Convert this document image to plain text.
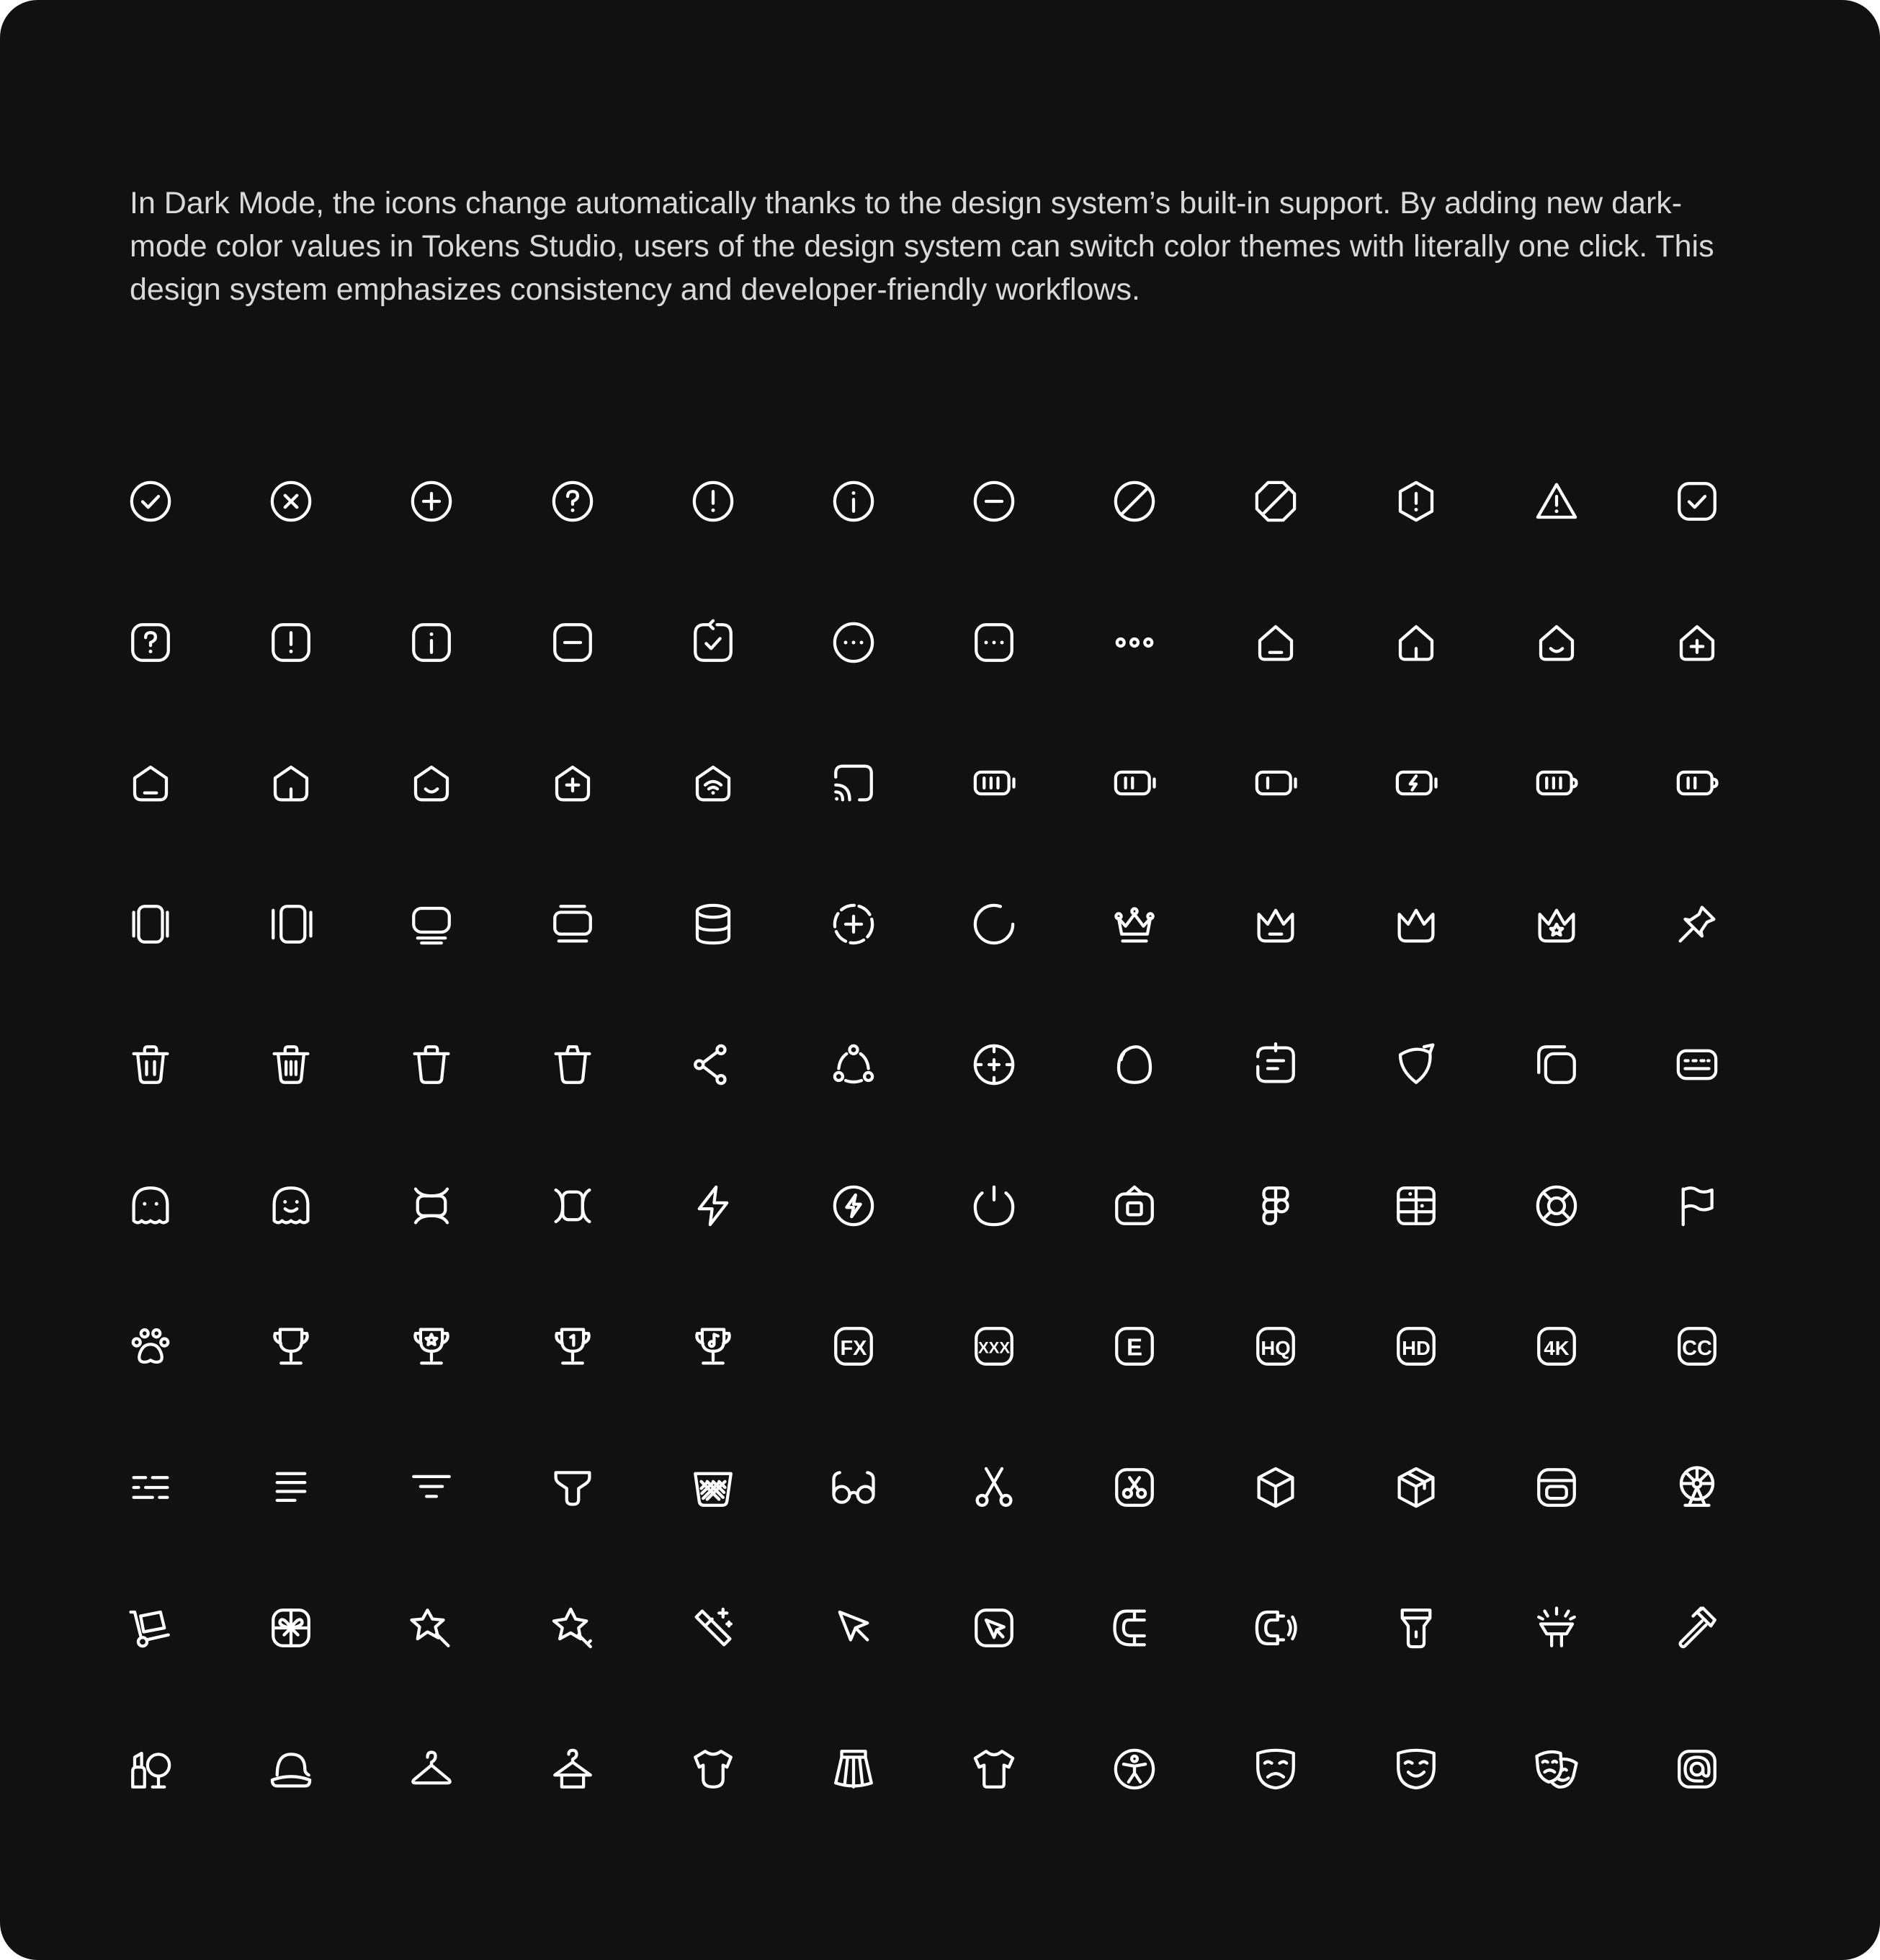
In Dark Mode, the icons change automatically thanks to the design system’s built-in support. By adding new dark-mode color values in Tokens Studio, users of the design system can switch color themes with literally one click. This design system emphasizes consistency and developer-friendly workflows.

FX	XXX	E	HQ	HD	4K	CC
